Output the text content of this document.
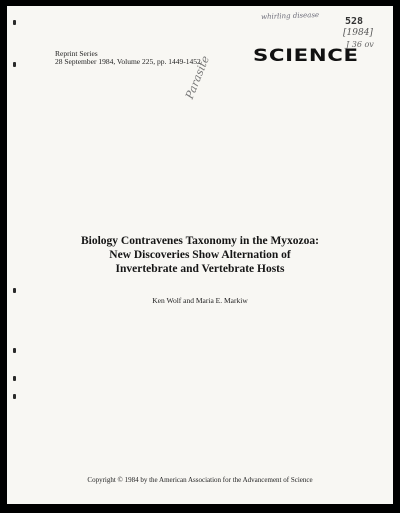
whirling disease	528
[1984]
J 36 ov
Reprint Series
28 September 1984, Volume 225, pp. 1449-1452	SCIENCE
Parasite
Biology Contravenes Taxonomy in the Myxozoa:
New Discoveries Show Alternation of
Invertebrate and Vertebrate Hosts
Ken Wolf and Maria E. Markiw
Copyright © 1984 by the American Association for the Advancement of Science
